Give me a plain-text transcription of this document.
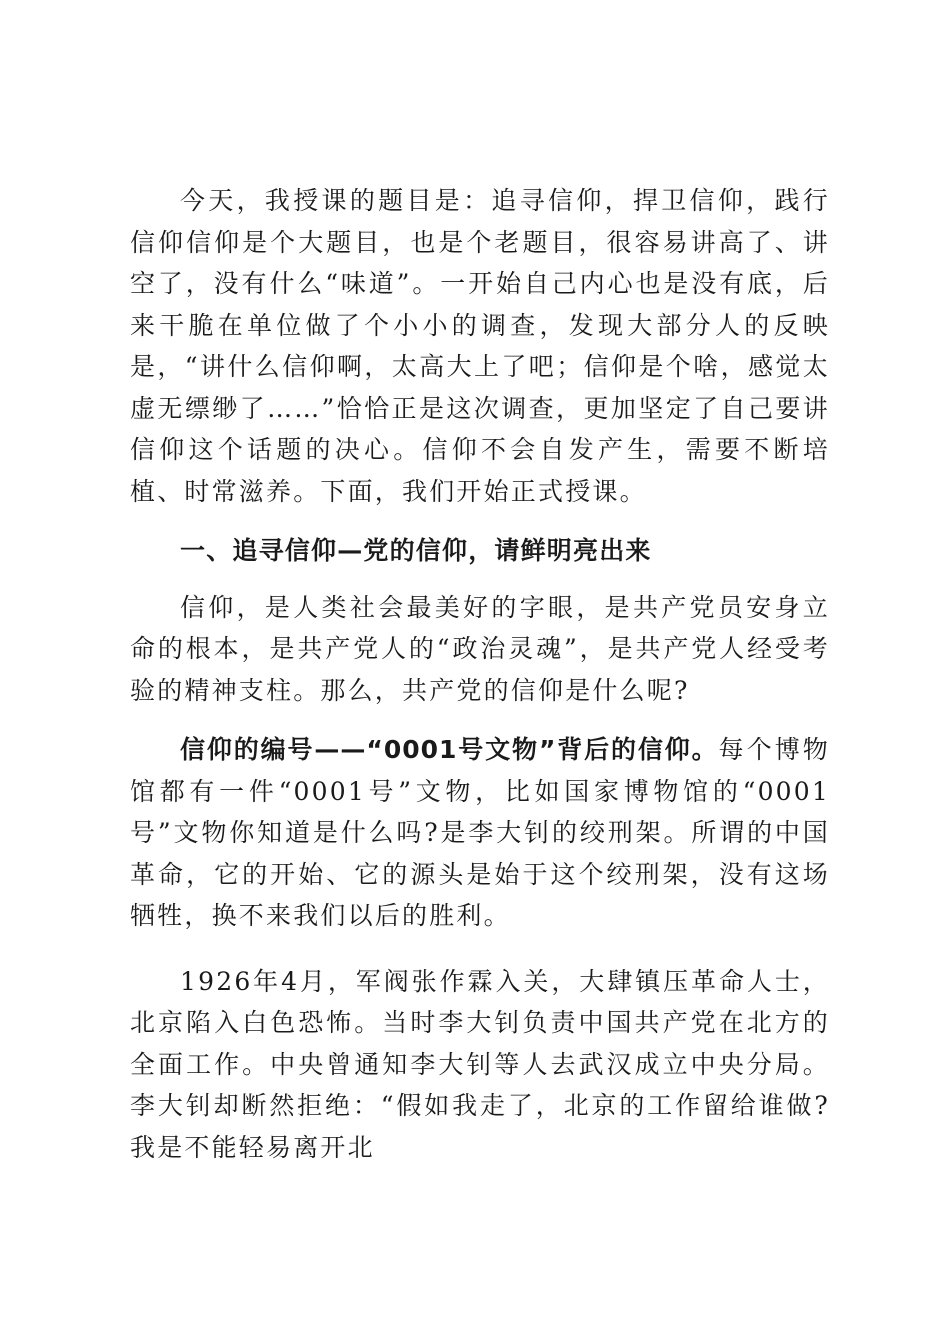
今天，我授课的题目是：追寻信仰，捍卫信仰，践行信仰信仰是个大题目，也是个老题目，很容易讲高了、讲空了，没有什么“味道”。一开始自己内心也是没有底，后来干脆在单位做了个小小的调查，发现大部分人的反映是，“讲什么信仰啊，太高大上了吧；信仰是个啥，感觉太虚无缥缈了……”恰恰正是这次调查，更加坚定了自己要讲信仰这个话题的决心。信仰不会自发产生，需要不断培植、时常滋养。下面，我们开始正式授课。

一、追寻信仰—党的信仰，请鲜明亮出来

信仰，是人类社会最美好的字眼，是共产党员安身立命的根本，是共产党人的“政治灵魂”，是共产党人经受考验的精神支柱。那么，共产党的信仰是什么呢?

信仰的编号——“0001号文物”背后的信仰。每个博物馆都有一件“0001号”文物，比如国家博物馆的“0001号”文物你知道是什么吗?是李大钊的绞刑架。所谓的中国革命，它的开始、它的源头是始于这个绞刑架，没有这场牺牲，换不来我们以后的胜利。

1926年4月，军阀张作霖入关，大肆镇压革命人士，北京陷入白色恐怖。当时李大钊负责中国共产党在北方的全面工作。中央曾通知李大钊等人去武汉成立中央分局。李大钊却断然拒绝：“假如我走了，北京的工作留给谁做?我是不能轻易离开北
